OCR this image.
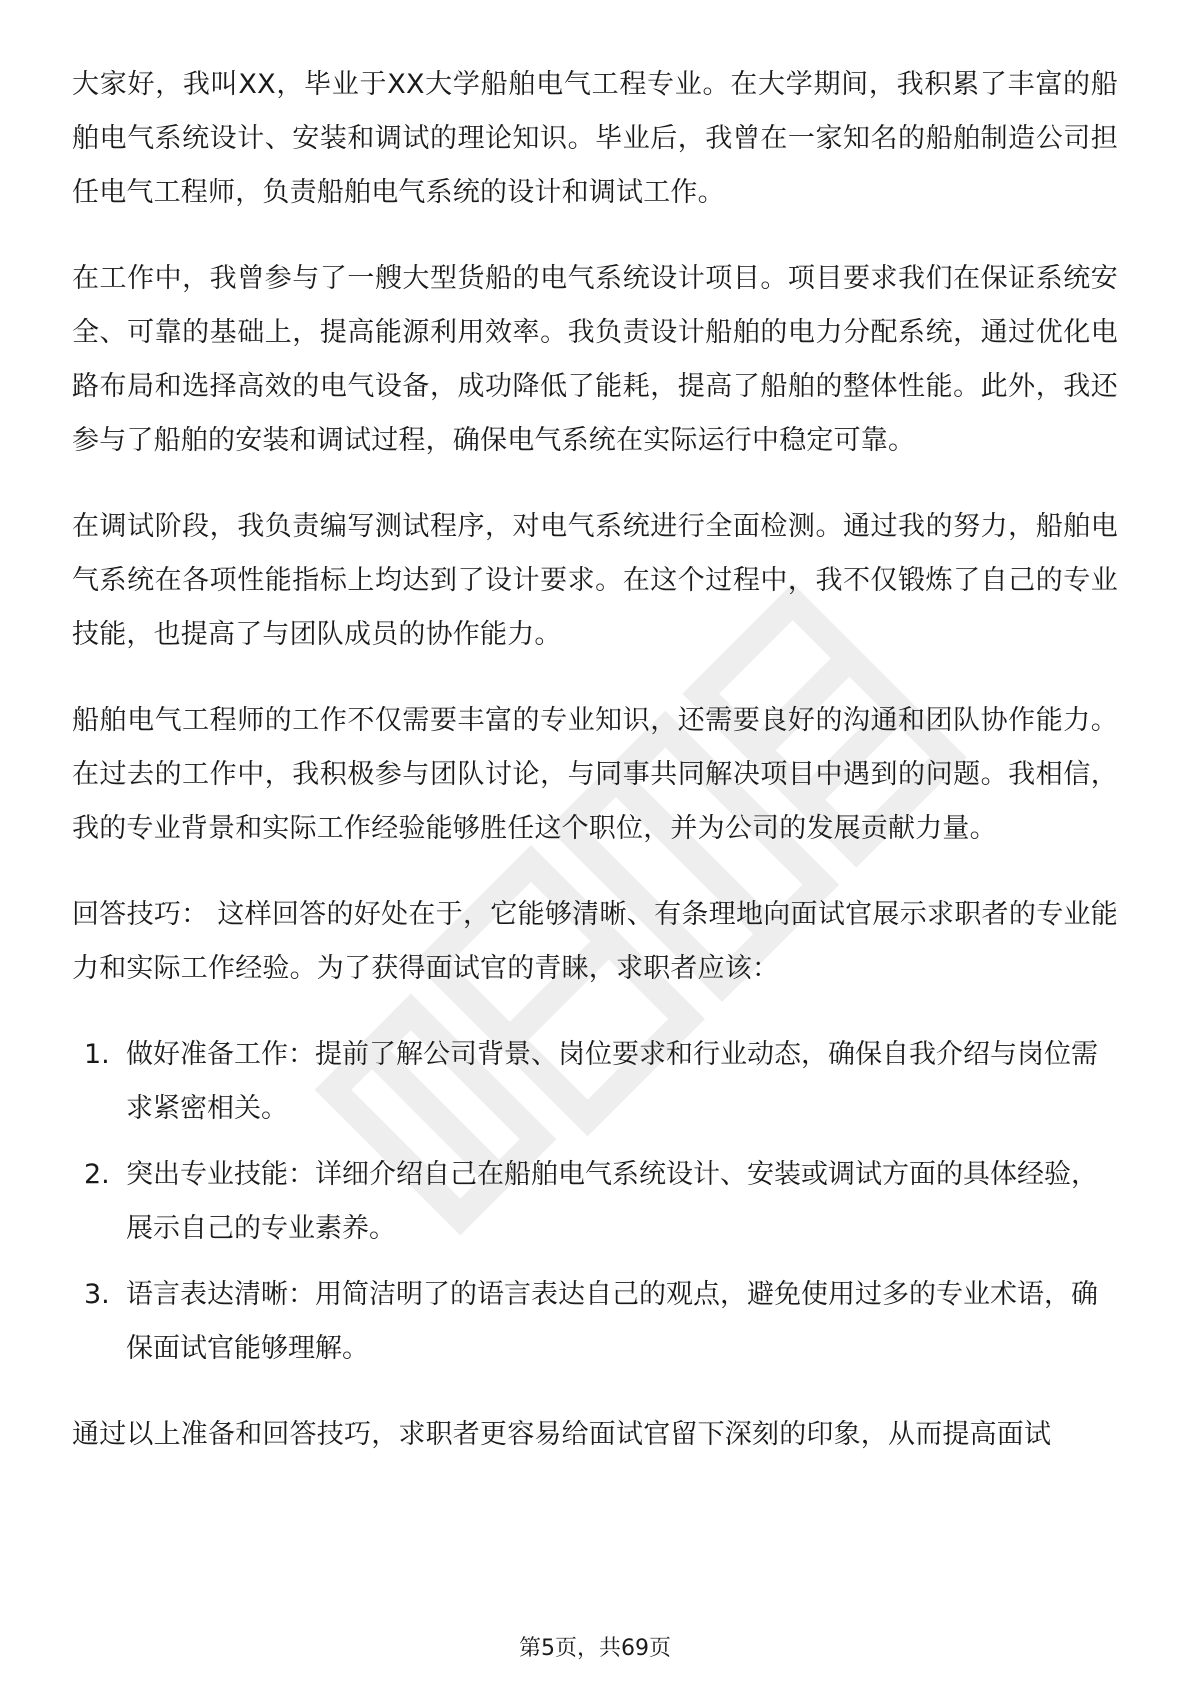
大家好，我叫XX，毕业于XX大学船舶电气工程专业。在大学期间，我积累了丰富的船舶电气系统设计、安装和调试的理论知识。毕业后，我曾在一家知名的船舶制造公司担任电气工程师，负责船舶电气系统的设计和调试工作。

在工作中，我曾参与了一艘大型货船的电气系统设计项目。项目要求我们在保证系统安全、可靠的基础上，提高能源利用效率。我负责设计船舶的电力分配系统，通过优化电路布局和选择高效的电气设备，成功降低了能耗，提高了船舶的整体性能。此外，我还参与了船舶的安装和调试过程，确保电气系统在实际运行中稳定可靠。

在调试阶段，我负责编写测试程序，对电气系统进行全面检测。通过我的努力，船舶电气系统在各项性能指标上均达到了设计要求。在这个过程中，我不仅锻炼了自己的专业技能，也提高了与团队成员的协作能力。

船舶电气工程师的工作不仅需要丰富的专业知识，还需要良好的沟通和团队协作能力。在过去的工作中，我积极参与团队讨论，与同事共同解决项目中遇到的问题。我相信，我的专业背景和实际工作经验能够胜任这个职位，并为公司的发展贡献力量。

回答技巧： 这样回答的好处在于，它能够清晰、有条理地向面试官展示求职者的专业能力和实际工作经验。为了获得面试官的青睐，求职者应该：

1. 做好准备工作：提前了解公司背景、岗位要求和行业动态，确保自我介绍与岗位需求紧密相关。
2. 突出专业技能：详细介绍自己在船舶电气系统设计、安装或调试方面的具体经验，展示自己的专业素养。
3. 语言表达清晰：用简洁明了的语言表达自己的观点，避免使用过多的专业术语，确保面试官能够理解。

通过以上准备和回答技巧，求职者更容易给面试官留下深刻的印象，从而提高面试

第5页，共69页
